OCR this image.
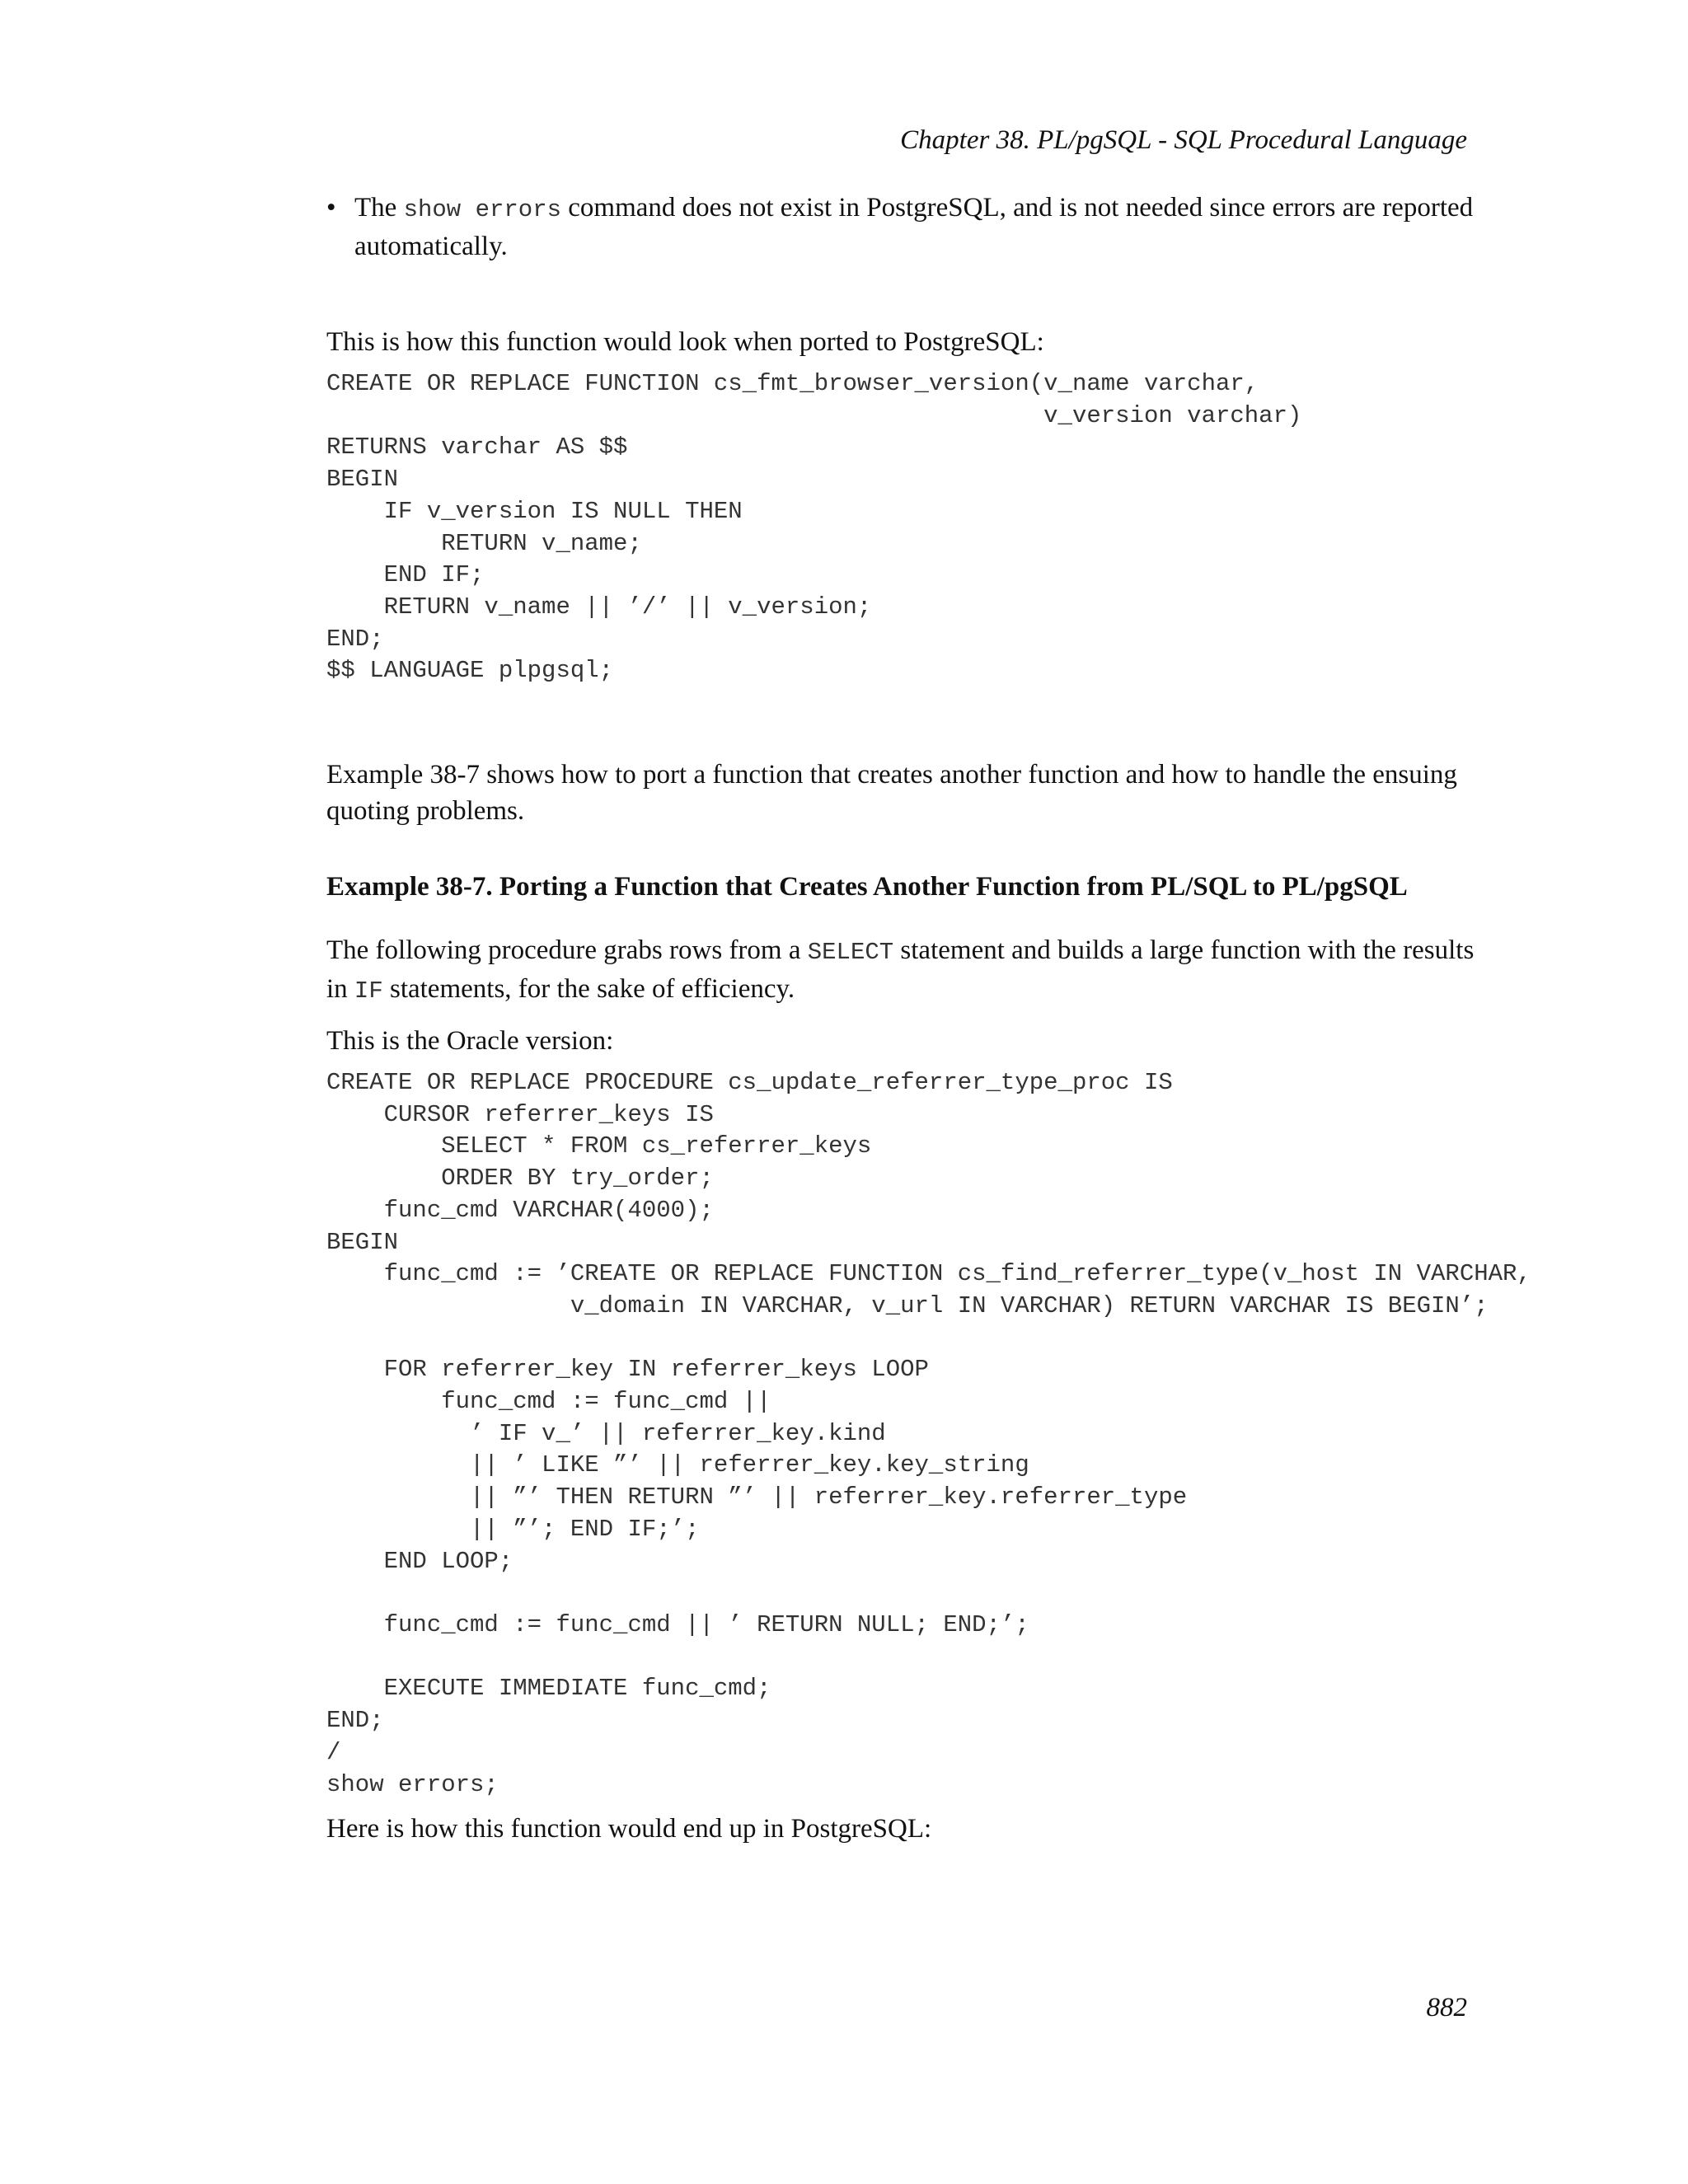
Chapter 38. PL/pgSQL - SQL Procedural Language
• The show errors command does not exist in PostgreSQL, and is not needed since errors are reported automatically.

This is how this function would look when ported to PostgreSQL:

CREATE OR REPLACE FUNCTION cs_fmt_browser_version(v_name varchar,
v_version varchar)
RETURNS varchar AS $$
BEGIN
IF v_version IS NULL THEN
RETURN v_name;
END IF;
RETURN v_name || ’/’ || v_version;
END;
$$ LANGUAGE plpgsql;

Example 38-7 shows how to port a function that creates another function and how to handle the ensuing quoting problems.

Example 38-7. Porting a Function that Creates Another Function from PL/SQL to PL/pgSQL

The following procedure grabs rows from a SELECT statement and builds a large function with the results in IF statements, for the sake of efficiency.

This is the Oracle version:

CREATE OR REPLACE PROCEDURE cs_update_referrer_type_proc IS
CURSOR referrer_keys IS
SELECT * FROM cs_referrer_keys
ORDER BY try_order;
func_cmd VARCHAR(4000);
BEGIN
func_cmd := ’CREATE OR REPLACE FUNCTION cs_find_referrer_type(v_host IN VARCHAR,
v_domain IN VARCHAR, v_url IN VARCHAR) RETURN VARCHAR IS BEGIN’;

FOR referrer_key IN referrer_keys LOOP
func_cmd := func_cmd ||
’ IF v_’ || referrer_key.kind
|| ’ LIKE ”’ || referrer_key.key_string
|| ”’ THEN RETURN ”’ || referrer_key.referrer_type
|| ”’; END IF;’;
END LOOP;

func_cmd := func_cmd || ’ RETURN NULL; END;’;

EXECUTE IMMEDIATE func_cmd;
END;
/
show errors;

Here is how this function would end up in PostgreSQL:

882
